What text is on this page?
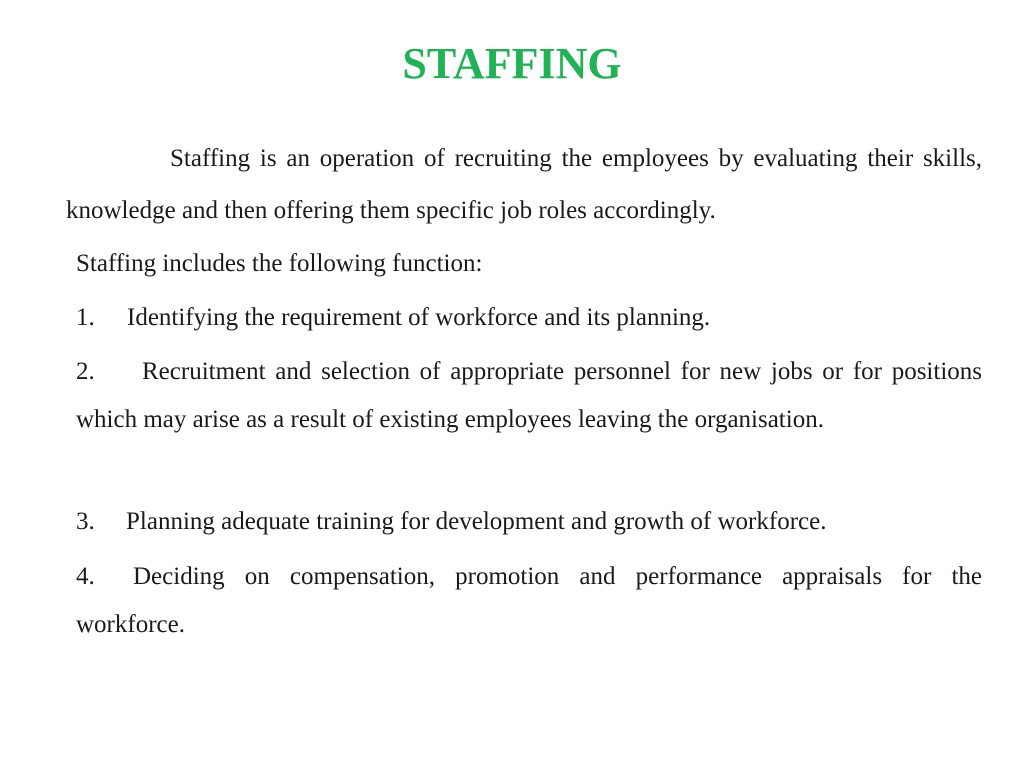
STAFFING

Staffing is an operation of recruiting the employees by evaluating their skills, knowledge and then offering them specific job roles accordingly.

Staffing includes the following function:

1. Identifying the requirement of workforce and its planning.

2. Recruitment and selection of appropriate personnel for new jobs or for positions which may arise as a result of existing employees leaving the organisation.

3. Planning adequate training for development and growth of workforce.

4. Deciding on compensation, promotion and performance appraisals for the workforce.
